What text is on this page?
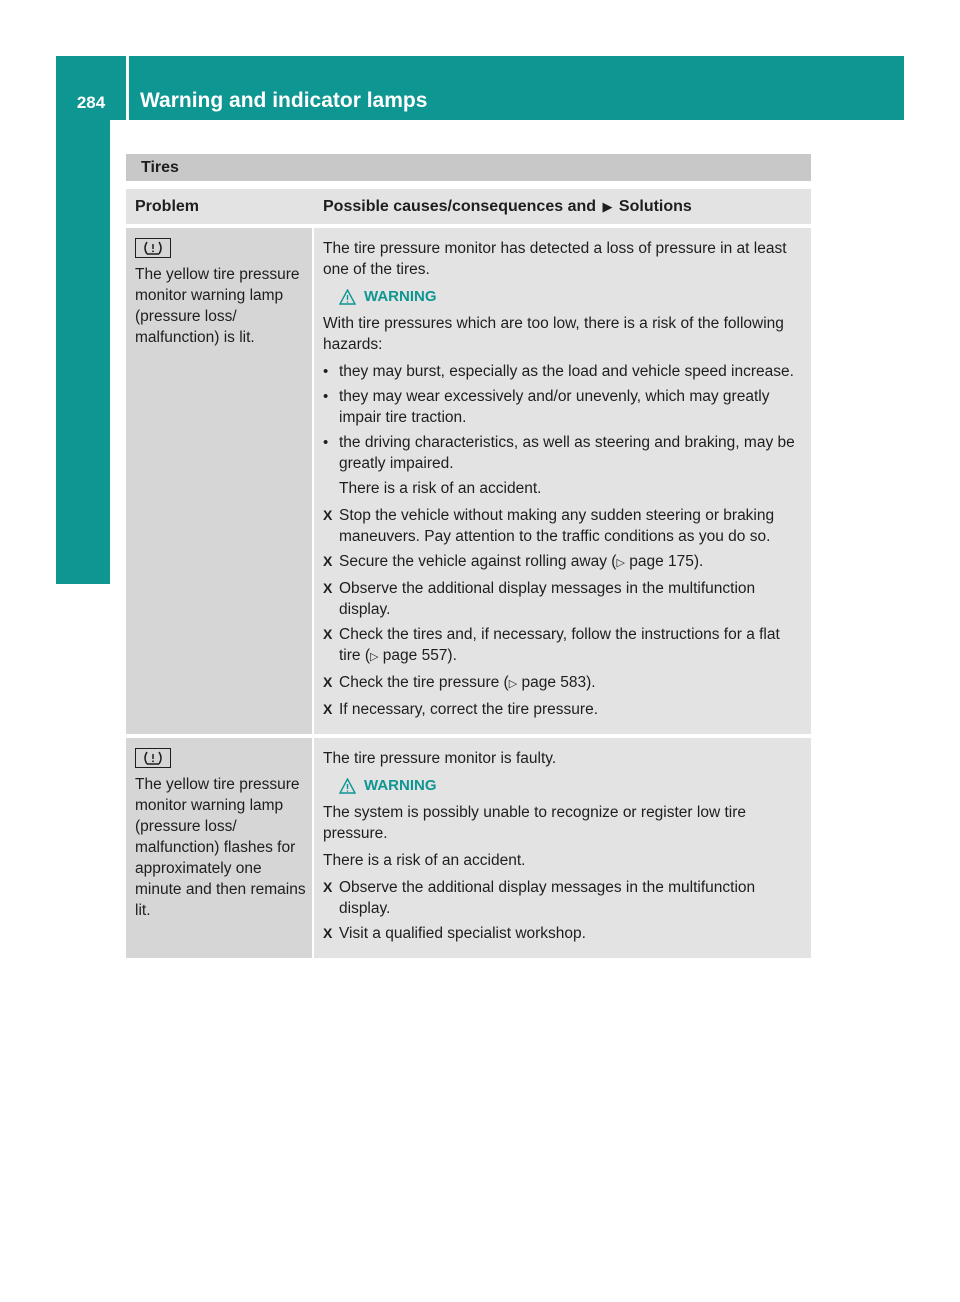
284	Warning and indicator lamps
On-board computer and displays
Tires
Problem	Possible causes/consequences and ▶ Solutions
The yellow tire pressure monitor warning lamp (pressure loss/ malfunction) is lit.

The tire pressure monitor has detected a loss of pressure in at least one of the tires.

WARNING

With tire pressures which are too low, there is a risk of the following hazards:

• they may burst, especially as the load and vehicle speed increase.
• they may wear excessively and/or unevenly, which may greatly impair tire traction.
• the driving characteristics, as well as steering and braking, may be greatly impaired.

There is a risk of an accident.

X Stop the vehicle without making any sudden steering or braking maneuvers. Pay attention to the traffic conditions as you do so.
X Secure the vehicle against rolling away (▷ page 175).
X Observe the additional display messages in the multifunction display.
X Check the tires and, if necessary, follow the instructions for a flat tire (▷ page 557).
X Check the tire pressure (▷ page 583).
X If necessary, correct the tire pressure.
The yellow tire pressure monitor warning lamp (pressure loss/ malfunction) flashes for approximately one minute and then remains lit.

The tire pressure monitor is faulty.

WARNING

The system is possibly unable to recognize or register low tire pressure.

There is a risk of an accident.

X Observe the additional display messages in the multifunction display.
X Visit a qualified specialist workshop.
